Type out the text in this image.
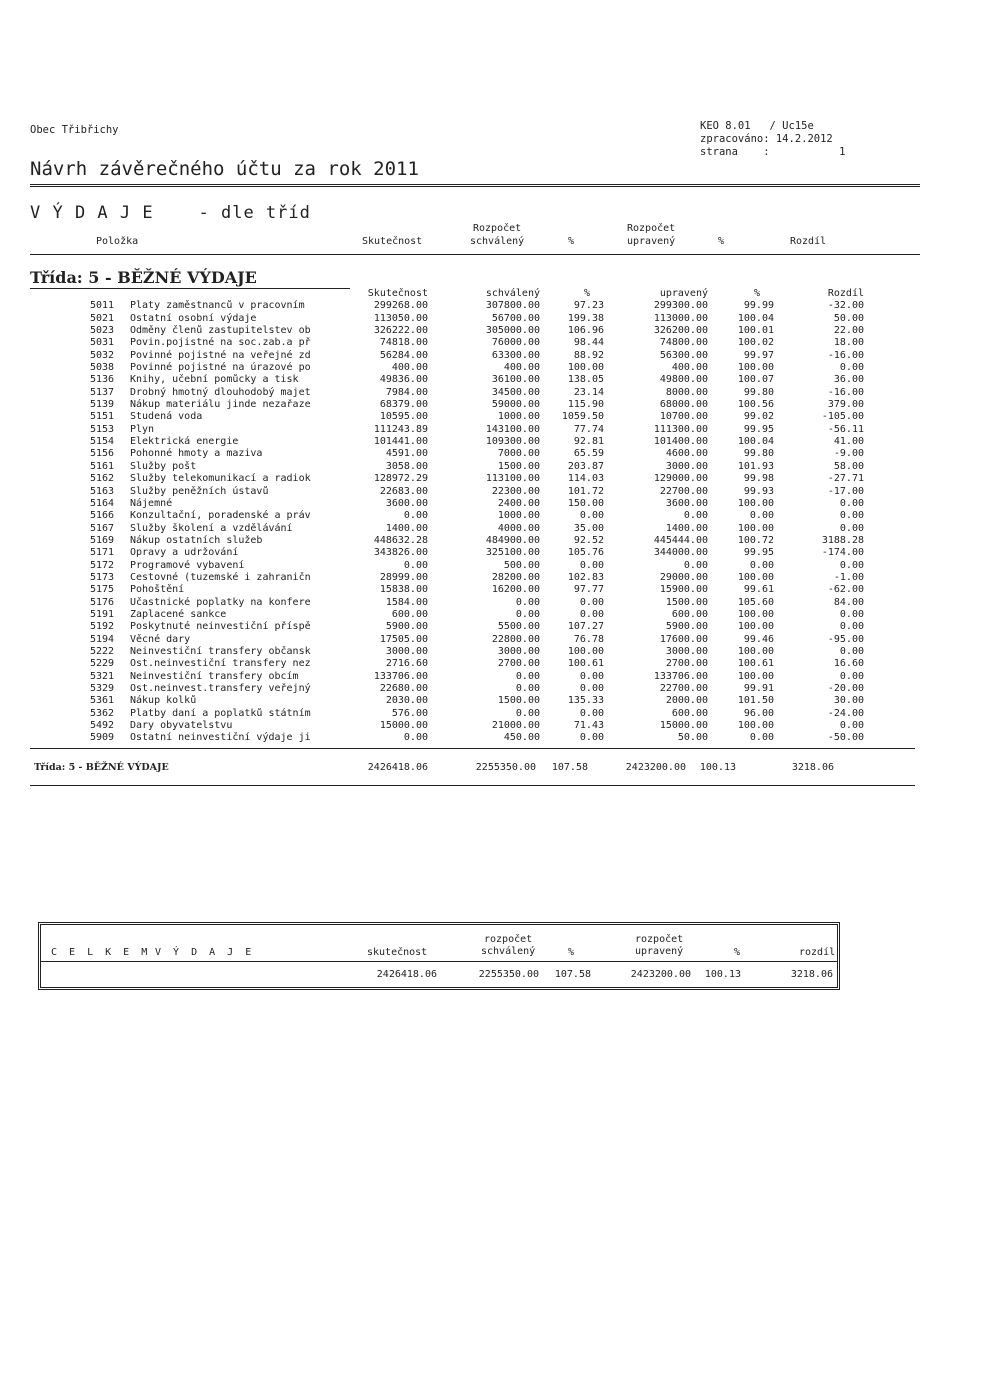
Obec Třibřichy	KEO 8.01   / Uc15e
zpracováno: 14.2.2012
strana    :           1
Návrh závěrečného účtu za rok 2011
V Ý D A J E    - dle tříd
Položka	Skutečnost
Rozpočet
schválený	%
Rozpočet
upravený	%	Rozdíl
Třída: 5 - BĚŽNÉ VÝDAJE
		Skutečnost	schválený	%	upravený	%	Rozdíl
5011	Platy zaměstnanců v pracovním	299268.00	307800.00	97.23	299300.00	99.99	-32.00
5021	Ostatní osobní výdaje	113050.00	56700.00	199.38	113000.00	100.04	50.00
5023	Odměny členů zastupitelstev ob	326222.00	305000.00	106.96	326200.00	100.01	22.00
5031	Povin.pojistné na soc.zab.a př	74818.00	76000.00	98.44	74800.00	100.02	18.00
5032	Povinné pojistné na veřejné zd	56284.00	63300.00	88.92	56300.00	99.97	-16.00
5038	Povinné pojistné na úrazové po	400.00	400.00	100.00	400.00	100.00	0.00
5136	Knihy, učební pomůcky a tisk	49836.00	36100.00	138.05	49800.00	100.07	36.00
5137	Drobný hmotný dlouhodobý majet	7984.00	34500.00	23.14	8000.00	99.80	-16.00
5139	Nákup materiálu jinde nezařaze	68379.00	59000.00	115.90	68000.00	100.56	379.00
5151	Studená voda	10595.00	1000.00	1059.50	10700.00	99.02	-105.00
5153	Plyn	111243.89	143100.00	77.74	111300.00	99.95	-56.11
5154	Elektrická energie	101441.00	109300.00	92.81	101400.00	100.04	41.00
5156	Pohonné hmoty a maziva	4591.00	7000.00	65.59	4600.00	99.80	-9.00
5161	Služby pošt	3058.00	1500.00	203.87	3000.00	101.93	58.00
5162	Služby telekomunikací a radiok	128972.29	113100.00	114.03	129000.00	99.98	-27.71
5163	Služby peněžních ústavů	22683.00	22300.00	101.72	22700.00	99.93	-17.00
5164	Nájemné	3600.00	2400.00	150.00	3600.00	100.00	0.00
5166	Konzultační, poradenské a práv	0.00	1000.00	0.00	0.00	0.00	0.00
5167	Služby školení a vzdělávání	1400.00	4000.00	35.00	1400.00	100.00	0.00
5169	Nákup ostatních služeb	448632.28	484900.00	92.52	445444.00	100.72	3188.28
5171	Opravy a udržování	343826.00	325100.00	105.76	344000.00	99.95	-174.00
5172	Programové vybavení	0.00	500.00	0.00	0.00	0.00	0.00
5173	Cestovné (tuzemské i zahraničn	28999.00	28200.00	102.83	29000.00	100.00	-1.00
5175	Pohoštění	15838.00	16200.00	97.77	15900.00	99.61	-62.00
5176	Účastnické poplatky na konfere	1584.00	0.00	0.00	1500.00	105.60	84.00
5191	Zaplacené sankce	600.00	0.00	0.00	600.00	100.00	0.00
5192	Poskytnuté neinvestiční příspě	5900.00	5500.00	107.27	5900.00	100.00	0.00
5194	Věcné dary	17505.00	22800.00	76.78	17600.00	99.46	-95.00
5222	Neinvestiční transfery občansk	3000.00	3000.00	100.00	3000.00	100.00	0.00
5229	Ost.neinvestiční transfery nez	2716.60	2700.00	100.61	2700.00	100.61	16.60
5321	Neinvestiční transfery obcím	133706.00	0.00	0.00	133706.00	100.00	0.00
5329	Ost.neinvest.transfery veřejný	22680.00	0.00	0.00	22700.00	99.91	-20.00
5361	Nákup kolků	2030.00	1500.00	135.33	2000.00	101.50	30.00
5362	Platby daní a poplatků státním	576.00	0.00	0.00	600.00	96.00	-24.00
5492	Dary obyvatelstvu	15000.00	21000.00	71.43	15000.00	100.00	0.00
5909	Ostatní neinvestiční výdaje ji	0.00	450.00	0.00	50.00	0.00	-50.00
Třída: 5 - BĚŽNÉ VÝDAJE	2426418.06	2255350.00	107.58	2423200.00	100.13	3218.06
C E L K E M V Ý D A J E	skutečnost
rozpočet
schválený	%
rozpočet
upravený	%	rozdíl
2426418.06	2255350.00	107.58	2423200.00	100.13	3218.06
